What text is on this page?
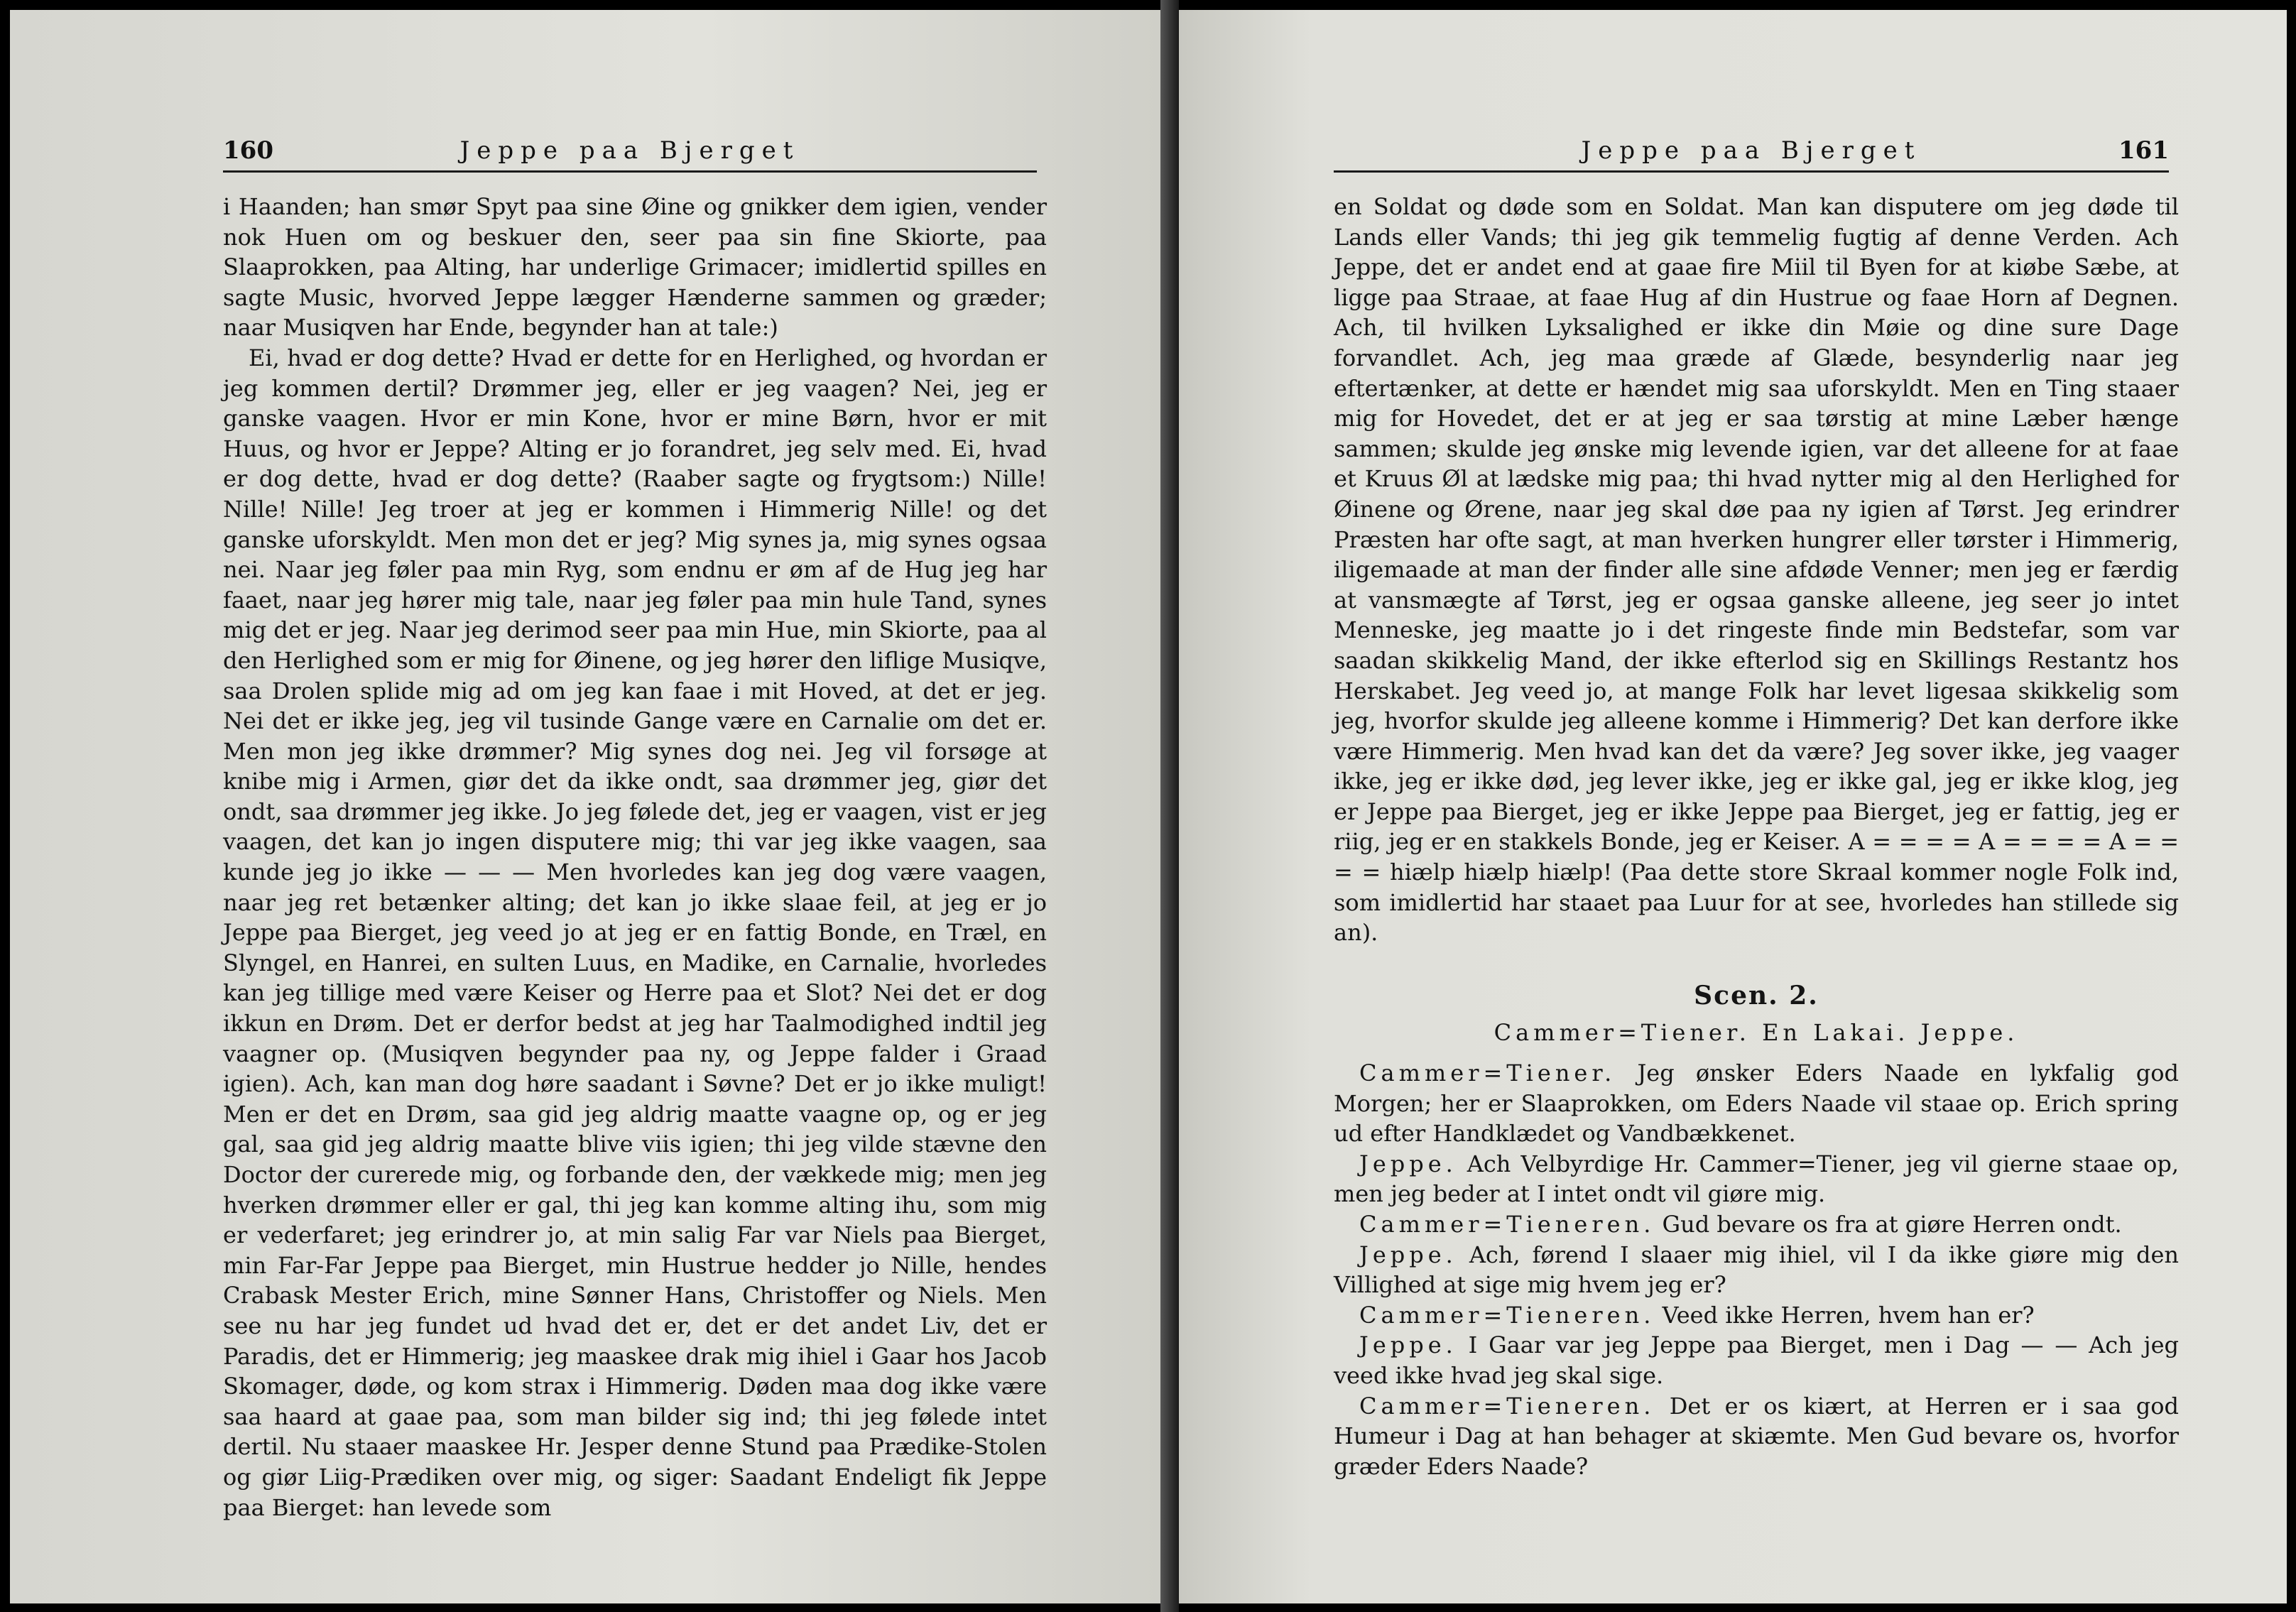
160	Jeppe paa Bjerget

i Haanden; han smør Spyt paa sine Øine og gnikker dem igien, vender nok Huen om og beskuer den, seer paa sin fine Skiorte, paa Slaaprokken, paa Alting, har underlige Grimacer; imidlertid spilles en sagte Music, hvorved Jeppe lægger Hænderne sammen og græder; naar Musiqven har Ende, begynder han at tale:)

Ei, hvad er dog dette? Hvad er dette for en Herlighed, og hvordan er jeg kommen dertil? Drømmer jeg, eller er jeg vaagen? Nei, jeg er ganske vaagen. Hvor er min Kone, hvor er mine Børn, hvor er mit Huus, og hvor er Jeppe? Alting er jo forandret, jeg selv med. Ei, hvad er dog dette, hvad er dog dette? (Raaber sagte og frygtsom:) Nille! Nille! Nille! Jeg troer at jeg er kommen i Himmerig Nille! og det ganske uforskyldt. Men mon det er jeg? Mig synes ja, mig synes ogsaa nei. Naar jeg føler paa min Ryg, som endnu er øm af de Hug jeg har faaet, naar jeg hører mig tale, naar jeg føler paa min hule Tand, synes mig det er jeg. Naar jeg derimod seer paa min Hue, min Skiorte, paa al den Herlighed som er mig for Øinene, og jeg hører den liflige Musiqve, saa Drolen splide mig ad om jeg kan faae i mit Hoved, at det er jeg. Nei det er ikke jeg, jeg vil tusinde Gange være en Carnalie om det er. Men mon jeg ikke drømmer? Mig synes dog nei. Jeg vil forsøge at knibe mig i Armen, giør det da ikke ondt, saa drømmer jeg, giør det ondt, saa drømmer jeg ikke. Jo jeg følede det, jeg er vaagen, vist er jeg vaagen, det kan jo ingen disputere mig; thi var jeg ikke vaagen, saa kunde jeg jo ikke — — — Men hvorledes kan jeg dog være vaagen, naar jeg ret betænker alting; det kan jo ikke slaae feil, at jeg er jo Jeppe paa Bierget, jeg veed jo at jeg er en fattig Bonde, en Træl, en Slyngel, en Hanrei, en sulten Luus, en Madike, en Carnalie, hvorledes kan jeg tillige med være Keiser og Herre paa et Slot? Nei det er dog ikkun en Drøm. Det er derfor bedst at jeg har Taalmodighed indtil jeg vaagner op. (Musiqven begynder paa ny, og Jeppe falder i Graad igien). Ach, kan man dog høre saadant i Søvne? Det er jo ikke muligt! Men er det en Drøm, saa gid jeg aldrig maatte vaagne op, og er jeg gal, saa gid jeg aldrig maatte blive viis igien; thi jeg vilde stævne den Doctor der curerede mig, og forbande den, der vækkede mig; men jeg hverken drømmer eller er gal, thi jeg kan komme alting ihu, som mig er vederfaret; jeg erindrer jo, at min salig Far var Niels paa Bierget, min Far-Far Jeppe paa Bierget, min Hustrue hedder jo Nille, hendes Crabask Mester Erich, mine Sønner Hans, Christoffer og Niels. Men see nu har jeg fundet ud hvad det er, det er det andet Liv, det er Paradis, det er Himmerig; jeg maaskee drak mig ihiel i Gaar hos Jacob Skomager, døde, og kom strax i Himmerig. Døden maa dog ikke være saa haard at gaae paa, som man bilder sig ind; thi jeg følede intet dertil. Nu staaer maaskee Hr. Jesper denne Stund paa Prædike-Stolen og giør Liig-Prædiken over mig, og siger: Saadant Endeligt fik Jeppe paa Bierget: han levede som

Jeppe paa Bjerget	161

en Soldat og døde som en Soldat. Man kan disputere om jeg døde til Lands eller Vands; thi jeg gik temmelig fugtig af denne Verden. Ach Jeppe, det er andet end at gaae fire Miil til Byen for at kiøbe Sæbe, at ligge paa Straae, at faae Hug af din Hustrue og faae Horn af Degnen. Ach, til hvilken Lyksalighed er ikke din Møie og dine sure Dage forvandlet. Ach, jeg maa græde af Glæde, besynderlig naar jeg eftertænker, at dette er hændet mig saa uforskyldt. Men en Ting staaer mig for Hovedet, det er at jeg er saa tørstig at mine Læber hænge sammen; skulde jeg ønske mig levende igien, var det alleene for at faae et Kruus Øl at lædske mig paa; thi hvad nytter mig al den Herlighed for Øinene og Ørene, naar jeg skal døe paa ny igien af Tørst. Jeg erindrer Præsten har ofte sagt, at man hverken hungrer eller tørster i Himmerig, iligemaade at man der finder alle sine afdøde Venner; men jeg er færdig at vansmægte af Tørst, jeg er ogsaa ganske alleene, jeg seer jo intet Menneske, jeg maatte jo i det ringeste finde min Bedstefar, som var saadan skikkelig Mand, der ikke efterlod sig en Skillings Restantz hos Herskabet. Jeg veed jo, at mange Folk har levet ligesaa skikkelig som jeg, hvorfor skulde jeg alleene komme i Himmerig? Det kan derfore ikke være Himmerig. Men hvad kan det da være? Jeg sover ikke, jeg vaager ikke, jeg er ikke død, jeg lever ikke, jeg er ikke gal, jeg er ikke klog, jeg er Jeppe paa Bierget, jeg er ikke Jeppe paa Bierget, jeg er fattig, jeg er riig, jeg er en stakkels Bonde, jeg er Keiser. A = = = = A = = = = A = = = = hiælp hiælp hiælp! (Paa dette store Skraal kommer nogle Folk ind, som imidlertid har staaet paa Luur for at see, hvorledes han stillede sig an).

Scen. 2.
Cammer=Tiener. En Lakai. Jeppe.

Cammer=Tiener. Jeg ønsker Eders Naade en lykfalig god Morgen; her er Slaaprokken, om Eders Naade vil staae op. Erich spring ud efter Handklædet og Vandbækkenet.

Jeppe. Ach Velbyrdige Hr. Cammer=Tiener, jeg vil gierne staae op, men jeg beder at I intet ondt vil giøre mig.

Cammer=Tieneren. Gud bevare os fra at giøre Herren ondt.

Jeppe. Ach, førend I slaaer mig ihiel, vil I da ikke giøre mig den Villighed at sige mig hvem jeg er?

Cammer=Tieneren. Veed ikke Herren, hvem han er?

Jeppe. I Gaar var jeg Jeppe paa Bierget, men i Dag — — Ach jeg veed ikke hvad jeg skal sige.

Cammer=Tieneren. Det er os kiært, at Herren er i saa god Humeur i Dag at han behager at skiæmte. Men Gud bevare os, hvorfor græder Eders Naade?
